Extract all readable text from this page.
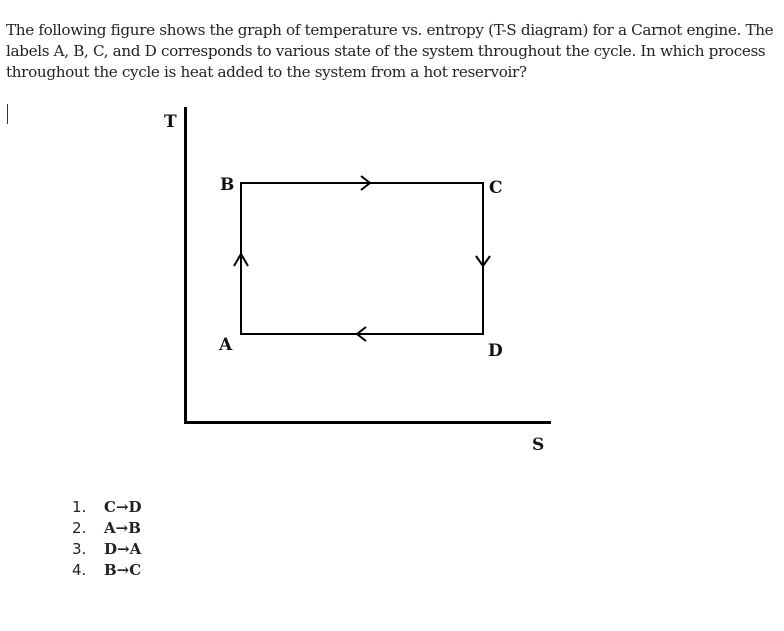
The following figure shows the graph of temperature vs. entropy (T-S diagram) for a Carnot engine. The labels A, B, C, and D corresponds to various state of the system throughout the cycle. In which process throughout the cycle is heat added to the system from a hot reservoir?
T
S
B	C
A	D
1. C→D
2. A→B
3. D→A
4. B→C
